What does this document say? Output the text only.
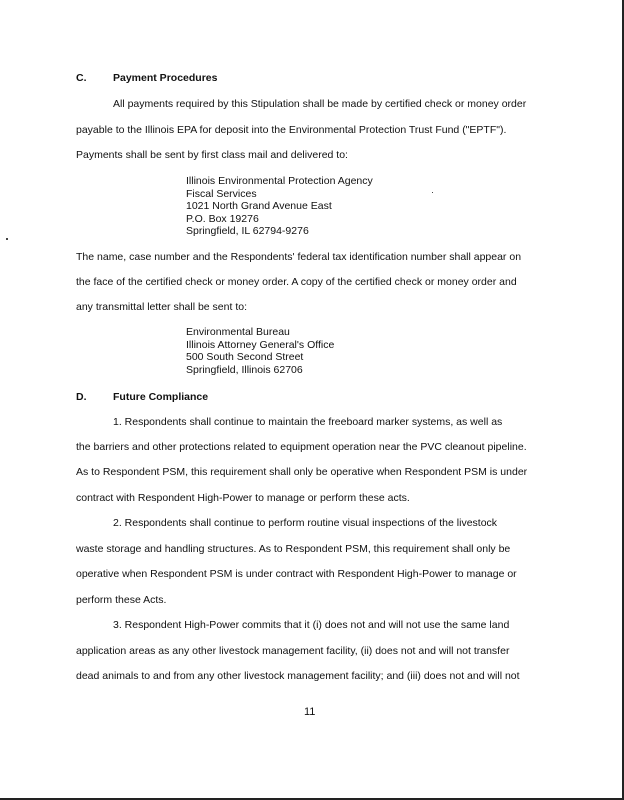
C.	Payment Procedures
All payments required by this Stipulation shall be made by certified check or money order
payable to the Illinois EPA for deposit into the Environmental Protection Trust Fund ("EPTF").
Payments shall be sent by first class mail and delivered to:
Illinois Environmental Protection Agency
Fiscal Services
1021 North Grand Avenue East
P.O. Box 19276
Springfield, IL 62794-9276
The name, case number and the Respondents' federal tax identification number shall appear on
the face of the certified check or money order. A copy of the certified check or money order and
any transmittal letter shall be sent to:
Environmental Bureau
Illinois Attorney General's Office
500 South Second Street
Springfield, Illinois 62706
D.	Future Compliance
1. Respondents shall continue to maintain the freeboard marker systems, as well as
the barriers and other protections related to equipment operation near the PVC cleanout pipeline.
As to Respondent PSM, this requirement shall only be operative when Respondent PSM is under
contract with Respondent High-Power to manage or perform these acts.
2. Respondents shall continue to perform routine visual inspections of the livestock
waste storage and handling structures. As to Respondent PSM, this requirement shall only be
operative when Respondent PSM is under contract with Respondent High-Power to manage or
perform these Acts.
3. Respondent High-Power commits that it (i) does not and will not use the same land
application areas as any other livestock management facility, (ii) does not and will not transfer
dead animals to and from any other livestock management facility; and (iii) does not and will not
11
